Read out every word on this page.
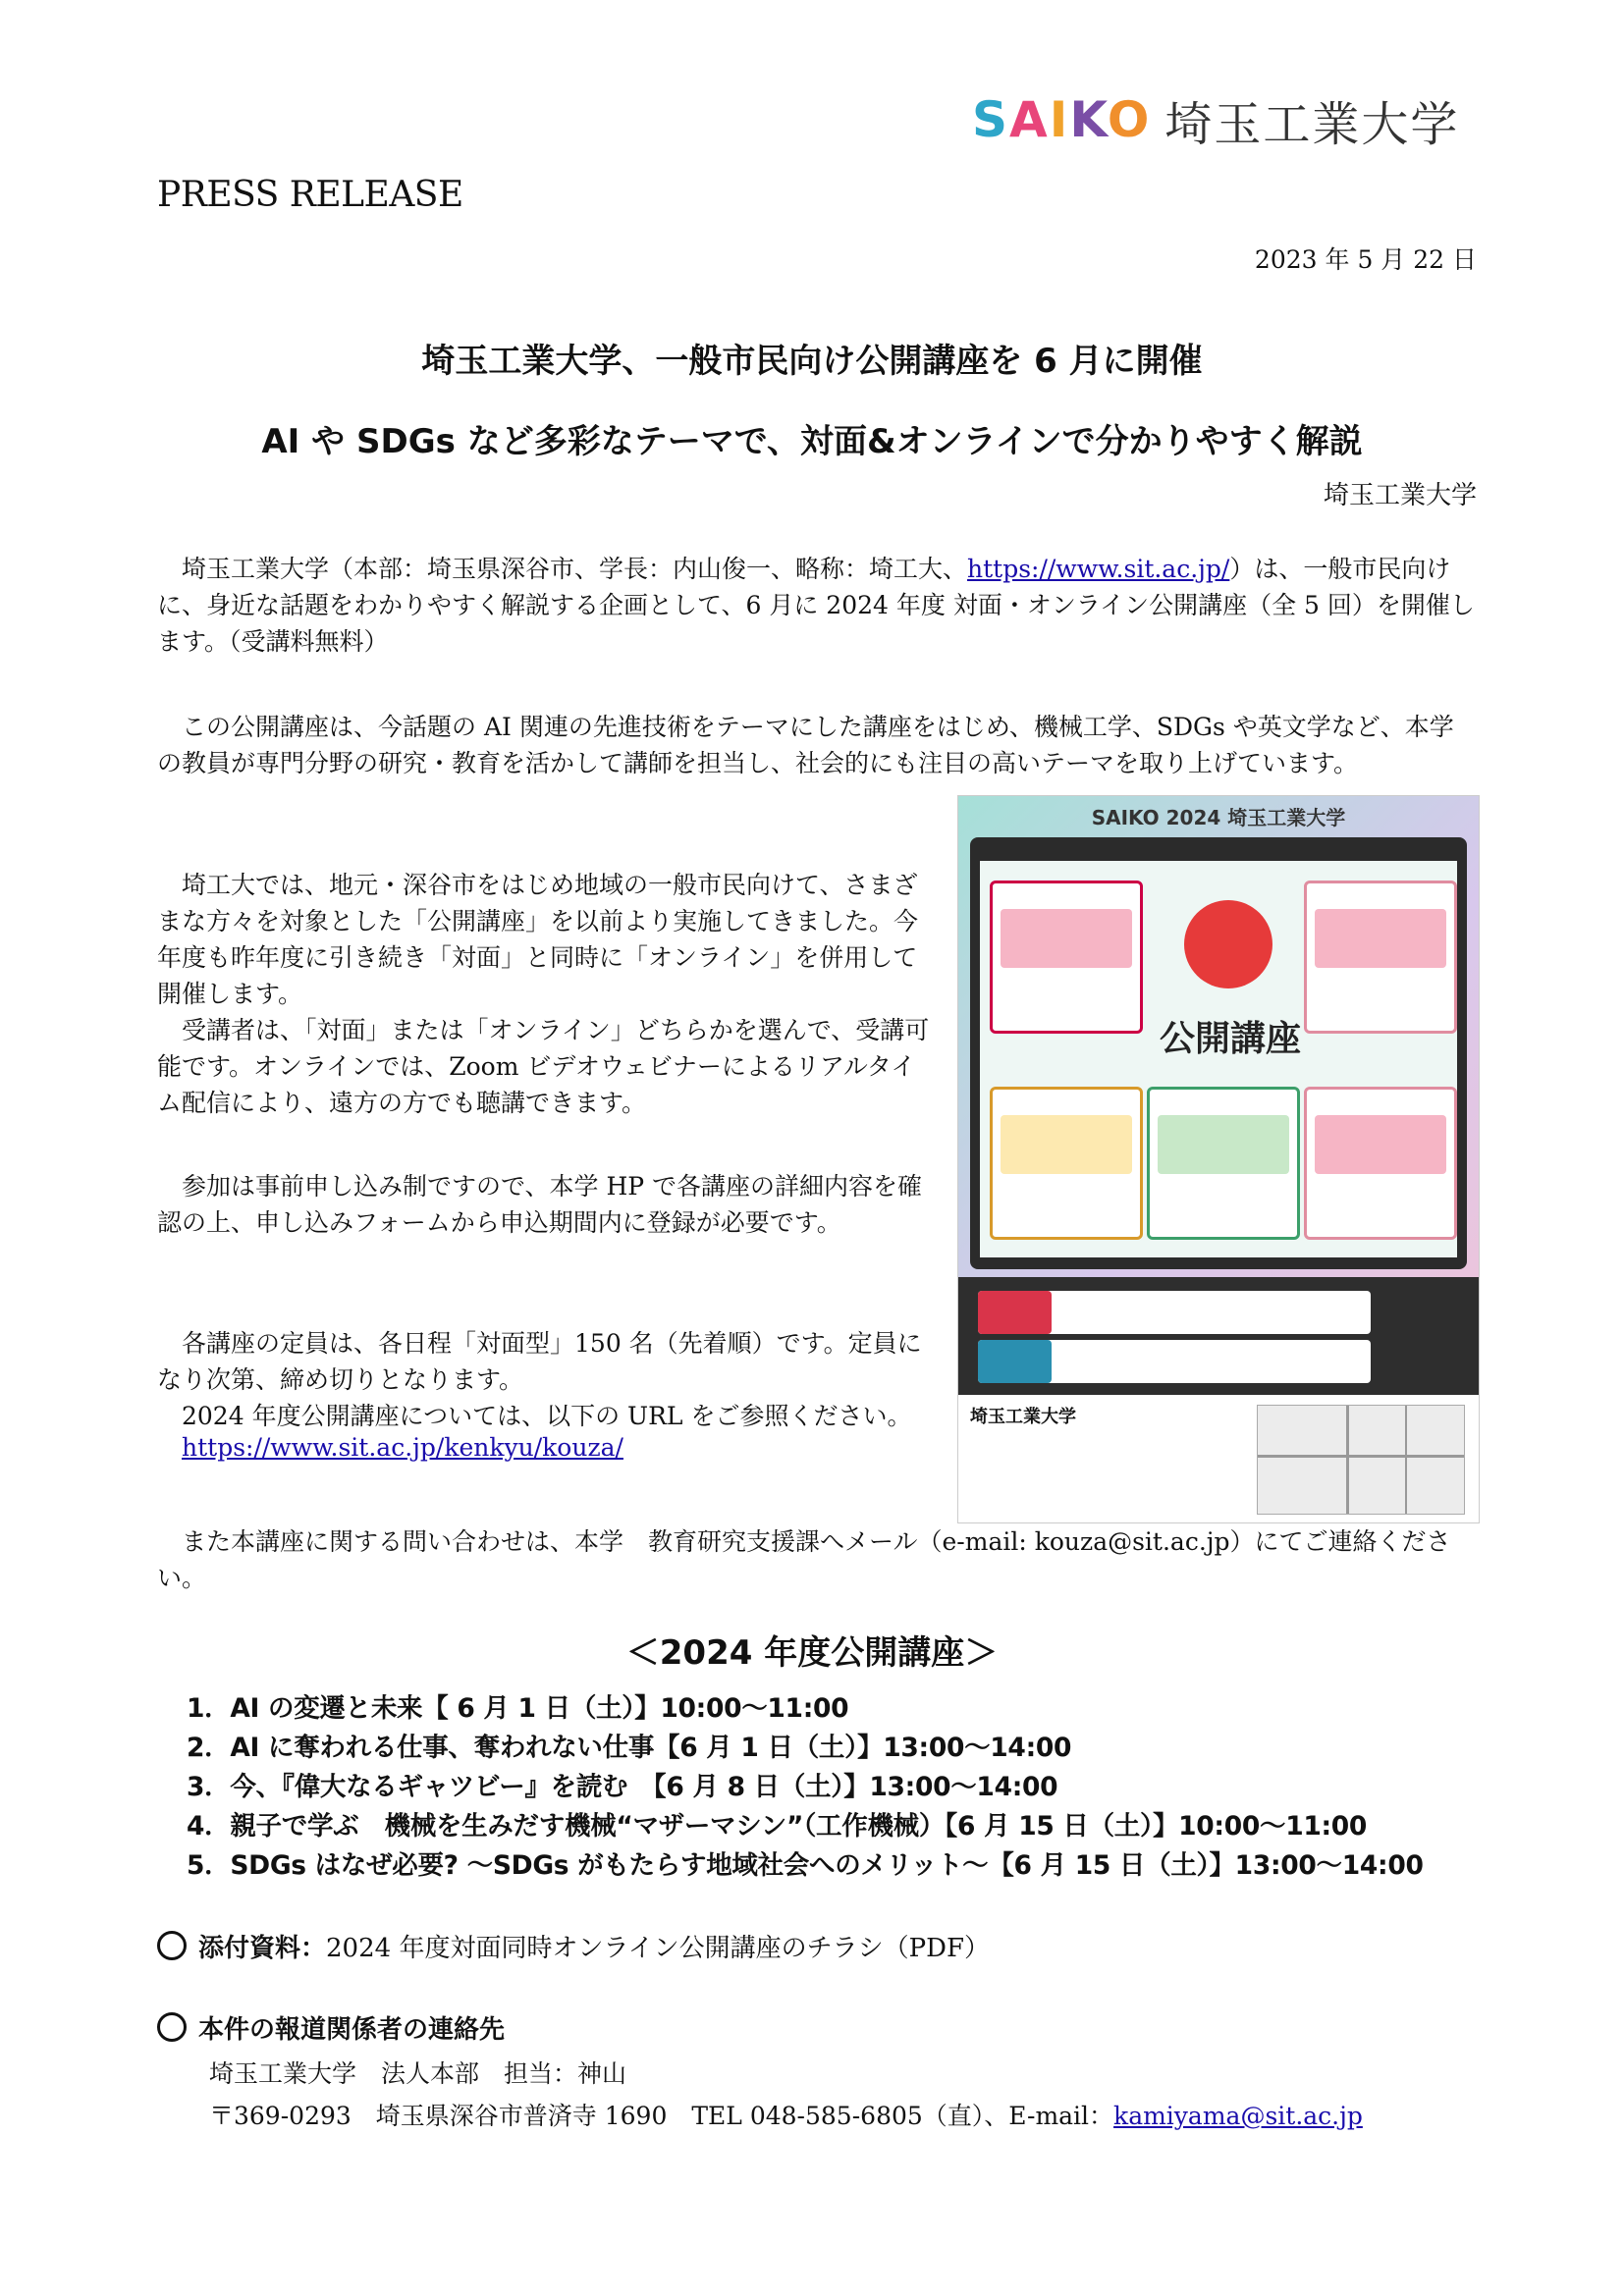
SAIKO 埼玉工業大学
PRESS RELEASE
2023 年 5 月 22 日
埼玉工業大学、一般市民向け公開講座を 6 月に開催
AI や SDGs など多彩なテーマで、対面&オンラインで分かりやすく解説
埼玉工業大学
埼玉工業大学（本部：埼玉県深谷市、学長：内山俊一、略称：埼工大、https://www.sit.ac.jp/）は、一般市民向けに、身近な話題をわかりやすく解説する企画として、6 月に 2024 年度 対面・オンライン公開講座（全 5 回）を開催します。（受講料無料）
この公開講座は、今話題の AI 関連の先進技術をテーマにした講座をはじめ、機械工学、SDGs や英文学など、本学の教員が専門分野の研究・教育を活かして講師を担当し、社会的にも注目の高いテーマを取り上げています。
埼工大では、地元・深谷市をはじめ地域の一般市民向けて、さまざまな方々を対象とした「公開講座」を以前より実施してきました。今年度も昨年度に引き続き「対面」と同時に「オンライン」を併用して開催します。
受講者は、「対面」または「オンライン」どちらかを選んで、受講可能です。オンラインでは、Zoom ビデオウェビナーによるリアルタイム配信により、遠方の方でも聴講できます。
参加は事前申し込み制ですので、本学 HP で各講座の詳細内容を確認の上、申し込みフォームから申込期間内に登録が必要です。
各講座の定員は、各日程「対面型」150 名（先着順）です。定員になり次第、締め切りとなります。
2024 年度公開講座については、以下の URL をご参照ください。
https://www.sit.ac.jp/kenkyu/kouza/
また本講座に関する問い合わせは、本学　教育研究支援課へメール（e-mail: kouza@sit.ac.jp）にてご連絡ください。
SAIKO 2024 埼玉工業大学
公開講座
埼玉工業大学
＜2024 年度公開講座＞
1．AI の変遷と未来【 6 月 1 日（土）】10:00～11:00
2．AI に奪われる仕事、奪われない仕事【6 月 1 日（土）】13:00～14:00
3．今、『偉大なるギャツビー』を読む　【6 月 8 日（土）】13:00～14:00
4．親子で学ぶ　機械を生みだす機械“マザーマシン”（工作機械）【6 月 15 日（土）】10:00～11:00
5．SDGs はなぜ必要? ～SDGs がもたらす地域社会へのメリット～【6 月 15 日（土）】13:00～14:00
添付資料：2024 年度対面同時オンライン公開講座のチラシ（PDF）
本件の報道関係者の連絡先
埼玉工業大学　法人本部　担当：神山
〒369-0293　埼玉県深谷市普済寺 1690　TEL 048-585-6805（直）、E-mail：kamiyama@sit.ac.jp
